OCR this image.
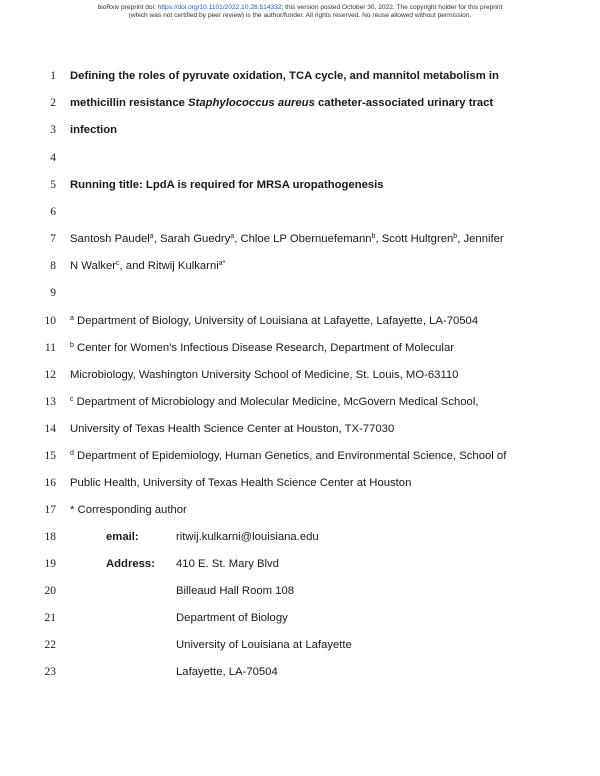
bioRxiv preprint doi: https://doi.org/10.1101/2022.10.28.514332; this version posted October 30, 2022. The copyright holder for this preprint
(which was not certified by peer review) is the author/funder. All rights reserved. No reuse allowed without permission.
1 Defining the roles of pyruvate oxidation, TCA cycle, and mannitol metabolism in
2 methicillin resistance Staphylococcus aureus catheter-associated urinary tract
3 infection
4
5 Running title: LpdA is required for MRSA uropathogenesis
6
7 Santosh Paudel$^a$, Sarah Guedry$^a$, Chloe LP Obernuefemann$^b$, Scott Hultgren$^b$, Jennifer
8 N Walker$^c$, and Ritwij Kulkarni$^{a*}$
9
10 $^a$ Department of Biology, University of Louisiana at Lafayette, Lafayette, LA-70504
11 $^b$ Center for Women’s Infectious Disease Research, Department of Molecular
12 Microbiology, Washington University School of Medicine, St. Louis, MO-63110
13 $^c$ Department of Microbiology and Molecular Medicine, McGovern Medical School,
14 University of Texas Health Science Center at Houston, TX-77030
15 $^d$ Department of Epidemiology, Human Genetics, and Environmental Science, School of
16 Public Health, University of Texas Health Science Center at Houston
17 * Corresponding author
18	email:	ritwij.kulkarni@louisiana.edu
19	Address: 410 E. St. Mary Blvd
20	Billeaud Hall Room 108
21	Department of Biology
22	University of Louisiana at Lafayette
23	Lafayette, LA-70504
